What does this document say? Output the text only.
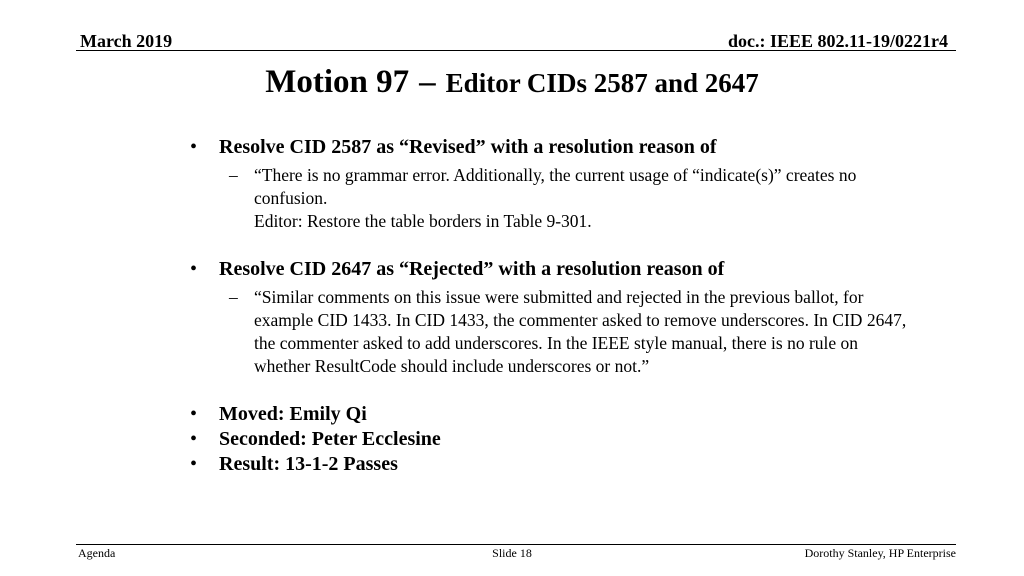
March 2019	doc.: IEEE 802.11-19/0221r4
Motion 97 – Editor CIDs 2587 and 2647
• Resolve CID 2587 as “Revised” with a resolution reason of
– “There is no grammar error. Additionally, the current usage of “indicate(s)” creates no
confusion.
Editor: Restore the table borders in Table 9-301.
• Resolve CID 2647 as “Rejected” with a resolution reason of
– “Similar comments on this issue were submitted and rejected in the previous ballot, for
example CID 1433. In CID 1433, the commenter asked to remove underscores. In CID 2647,
the commenter asked to add underscores. In the IEEE style manual, there is no rule on
whether ResultCode should include underscores or not.”
• Moved: Emily Qi
• Seconded: Peter Ecclesine
• Result: 13-1-2 Passes
Agenda	Slide 18	Dorothy Stanley, HP Enterprise
